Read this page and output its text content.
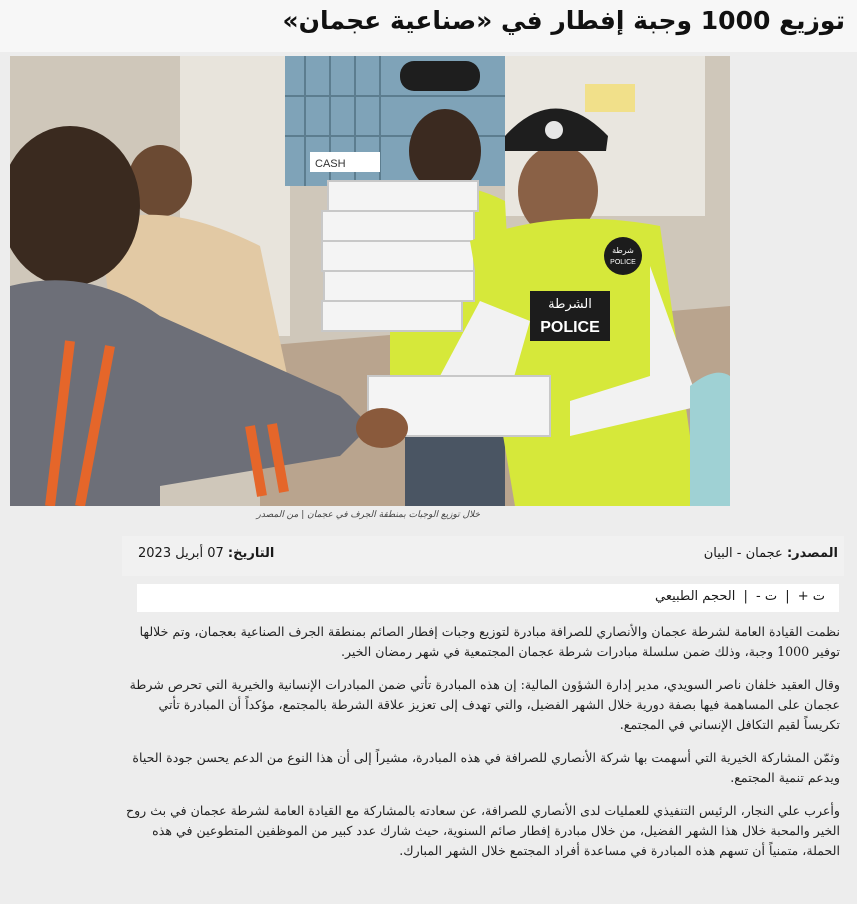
توزيع 1000 وجبة إفطار في «صناعية عجمان»
CASH
الشرطة
POLICE
شرطة
POLICE
خلال توزيع الوجبات بمنطقة الجرف في عجمان | من المصدر
المصدر: عجمان - البيان
التاريخ: 07 أبريل 2023
ت + | ت - | الحجم الطبيعي

نظمت القيادة العامة لشرطة عجمان والأنصاري للصرافة مبادرة لتوزيع وجبات إفطار الصائم بمنطقة الجرف الصناعية بعجمان، وتم خلالها توفير 1000 وجبة، وذلك ضمن سلسلة مبادرات شرطة عجمان المجتمعية في شهر رمضان الخير.

وقال العقيد خلفان ناصر السويدي، مدير إدارة الشؤون المالية: إن هذه المبادرة تأتي ضمن المبادرات الإنسانية والخيرية التي تحرص شرطة عجمان على المساهمة فيها بصفة دورية خلال الشهر الفضيل، والتي تهدف إلى تعزيز علاقة الشرطة بالمجتمع، مؤكداً أن المبادرة تأتي تكريساً لقيم التكافل الإنساني في المجتمع.

وثمّن المشاركة الخيرية التي أسهمت بها شركة الأنصاري للصرافة في هذه المبادرة، مشيراً إلى أن هذا النوع من الدعم يحسن جودة الحياة ويدعم تنمية المجتمع.

وأعرب علي النجار، الرئيس التنفيذي للعمليات لدى الأنصاري للصرافة، عن سعادته بالمشاركة مع القيادة العامة لشرطة عجمان في بث روح الخير والمحبة خلال هذا الشهر الفضيل، من خلال مبادرة إفطار صائم السنوية، حيث شارك عدد كبير من الموظفين المتطوعين في هذه الحملة، متمنياً أن تسهم هذه المبادرة في مساعدة أفراد المجتمع خلال الشهر المبارك.
